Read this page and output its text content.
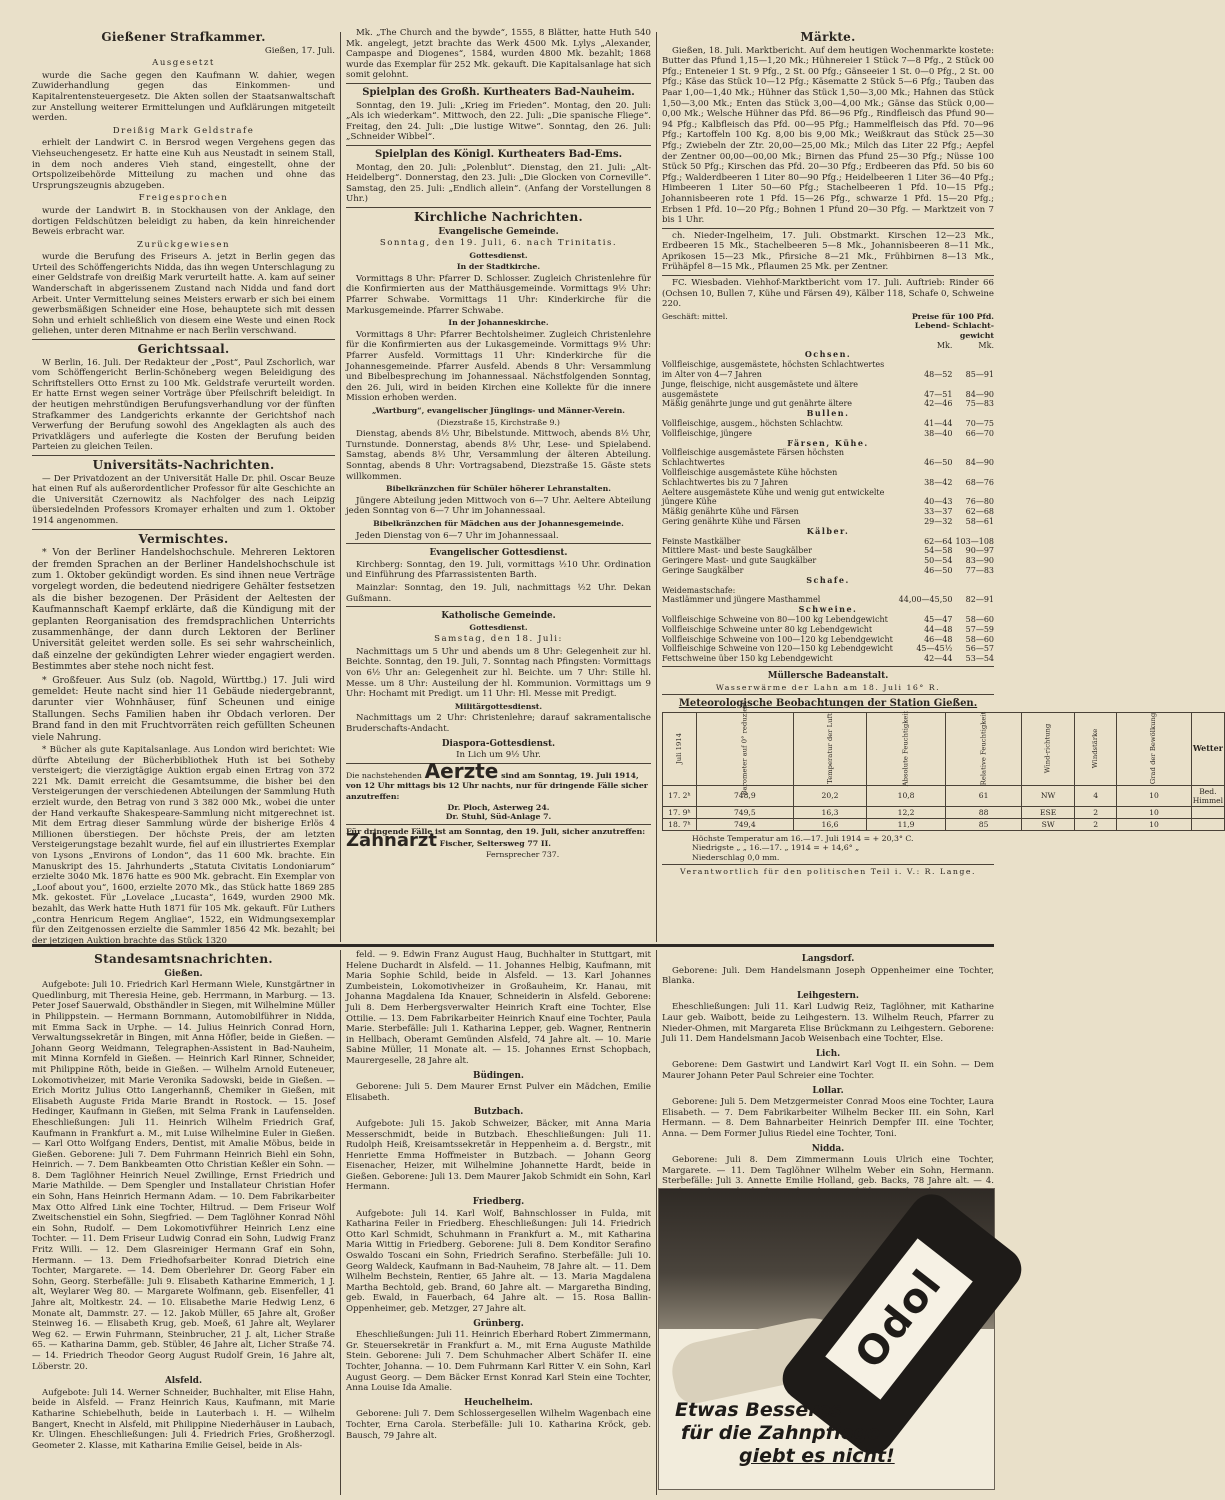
Gießener Strafkammer.

Gießen, 17. Juli.

Ausgesetzt

wurde die Sache gegen den Kaufmann W. dahier, wegen Zuwiderhandlung gegen das Einkommen- und Kapitalrentensteuergesetz. Die Akten sollen der Staatsanwaltschaft zur Anstellung weiterer Ermittelungen und Aufklärungen mitgeteilt werden.

Dreißig Mark Geldstrafe

erhielt der Landwirt C. in Bersrod wegen Vergehens gegen das Viehseuchengesetz. Er hatte eine Kuh aus Neustadt in seinem Stall, in dem noch anderes Vieh stand, eingestellt, ohne der Ortspolizeibehörde Mitteilung zu machen und ohne das Ursprungszeugnis abzugeben.

Freigesprochen

wurde der Landwirt B. in Stockhausen von der Anklage, den dortigen Feldschützen beleidigt zu haben, da kein hinreichender Beweis erbracht war.

Zurückgewiesen

wurde die Berufung des Friseurs A. jetzt in Berlin gegen das Urteil des Schöffengerichts Nidda, das ihn wegen Unterschlagung zu einer Geldstrafe von dreißig Mark verurteilt hatte. A. kam auf seiner Wanderschaft in abgerissenem Zustand nach Nidda und fand dort Arbeit. Unter Vermittelung seines Meisters erwarb er sich bei einem gewerbsmäßigen Schneider eine Hose, behauptete sich mit dessen Sohn und erhielt schließlich von diesem eine Weste und einen Rock geliehen, unter deren Mitnahme er nach Berlin verschwand.

Gerichtssaal.

W Berlin, 16. Juli. Der Redakteur der „Post“, Paul Zschorlich, war vom Schöffengericht Berlin-Schöneberg wegen Beleidigung des Schriftstellers Otto Ernst zu 100 Mk. Geldstrafe verurteilt worden. Er hatte Ernst wegen seiner Vorträge über Pfeilschrift beleidigt. In der heutigen mehrstündigen Berufungsverhandlung vor der fünften Strafkammer des Landgerichts erkannte der Gerichtshof nach Verwerfung der Berufung sowohl des Angeklagten als auch des Privatklägers und auferlegte die Kosten der Berufung beiden Parteien zu gleichen Teilen.

Universitäts-Nachrichten.

— Der Privatdozent an der Universität Halle Dr. phil. Oscar Beuze hat einen Ruf als außerordentlicher Professor für alte Geschichte an die Universität Czernowitz als Nachfolger des nach Leipzig übersiedelnden Professors Kromayer erhalten und zum 1. Oktober 1914 angenommen.

Vermischtes.

* Von der Berliner Handelshochschule. Mehreren Lektoren der fremden Sprachen an der Berliner Handelshochschule ist zum 1. Oktober gekündigt worden. Es sind ihnen neue Verträge vorgelegt worden, die bedeutend niedrigere Gehälter festsetzen als die bisher bezogenen. Der Präsident der Aeltesten der Kaufmannschaft Kaempf erklärte, daß die Kündigung mit der geplanten Reorganisation des fremdsprachlichen Unterrichts zusammenhänge, der dann durch Lektoren der Berliner Universität geleitet werden solle. Es sei sehr wahrscheinlich, daß einzelne der gekündigten Lehrer wieder engagiert werden. Bestimmtes aber stehe noch nicht fest.

* Großfeuer. Aus Sulz (ob. Nagold, Württbg.) 17. Juli wird gemeldet: Heute nacht sind hier 11 Gebäude niedergebrannt, darunter vier Wohnhäuser, fünf Scheunen und einige Stallungen. Sechs Familien haben ihr Obdach verloren. Der Brand fand in den mit Fruchtvorräten reich gefüllten Scheunen viele Nahrung.

* Bücher als gute Kapitalsanlage. Aus London wird berichtet: Wie dürfte Abteilung der Bücherbibliothek Huth ist bei Sotheby versteigert; die vierzigtägige Auktion ergab einen Ertrag von 372 221 Mk. Damit erreicht die Gesamtsumme, die bisher bei den Versteigerungen der verschiedenen Abteilungen der Sammlung Huth erzielt wurde, den Betrag von rund 3 382 000 Mk., wobei die unter der Hand verkaufte Shakespeare-Sammlung nicht mitgerechnet ist. Mit dem Ertrag dieser Sammlung würde der bisherige Erlös 4 Millionen überstiegen. Der höchste Preis, der am letzten Versteigerungstage bezahlt wurde, fiel auf ein illustriertes Exemplar von Lysons „Environs of London“, das 11 600 Mk. brachte. Ein Manuskript des 15. Jahrhunderts „Statuta Civitatis Londoniarum“ erzielte 3040 Mk. 1876 hatte es 900 Mk. gebracht. Ein Exemplar von „Loof about you“, 1600, erzielte 2070 Mk., das Stück hatte 1869 285 Mk. gekostet. Für „Lovelace „Lucasta“, 1649, wurden 2900 Mk. bezahlt, das Werk hatte Huth 1871 für 105 Mk. gekauft. Für Luthers „contra Henricum Regem Angliae“, 1522, ein Widmungsexemplar für den Zeitgenossen erzielte die Sammler 1856 42 Mk. bezahlt; bei der jetzigen Auktion brachte das Stück 1320

Mk. „The Church and the bywde“, 1555, 8 Blätter, hatte Huth 540 Mk. angelegt, jetzt brachte das Werk 4500 Mk. Lylys „Alexander, Campaspe and Diogenes“, 1584, wurden 4800 Mk. bezahlt; 1868 wurde das Exemplar für 252 Mk. gekauft. Die Kapitalsanlage hat sich somit gelohnt.

Spielplan des Großh. Kurtheaters Bad-Nauheim.

Sonntag, den 19. Juli: „Krieg im Frieden“. Montag, den 20. Juli: „Als ich wiederkam“. Mittwoch, den 22. Juli: „Die spanische Fliege“. Freitag, den 24. Juli: „Die lustige Witwe“. Sonntag, den 26. Juli: „Schneider Wibbel“.

Spielplan des Königl. Kurtheaters Bad-Ems.

Montag, den 20. Juli: „Polenblut“. Dienstag, den 21. Juli: „Alt-Heidelberg“. Donnerstag, den 23. Juli: „Die Glocken von Corneville“. Samstag, den 25. Juli: „Endlich allein“. (Anfang der Vorstellungen 8 Uhr.)

Kirchliche Nachrichten.
Evangelische Gemeinde.

Sonntag, den 19. Juli, 6. nach Trinitatis.

Gottesdienst.

In der Stadtkirche.

Vormittags 8 Uhr: Pfarrer D. Schlosser. Zugleich Christenlehre für die Konfirmierten aus der Matthäusgemeinde. Vormittags 9½ Uhr: Pfarrer Schwabe. Vormittags 11 Uhr: Kinderkirche für die Markusgemeinde. Pfarrer Schwabe.

In der Johanneskirche.

Vormittags 8 Uhr: Pfarrer Bechtolsheimer. Zugleich Christenlehre für die Konfirmierten aus der Lukasgemeinde. Vormittags 9½ Uhr: Pfarrer Ausfeld. Vormittags 11 Uhr: Kinderkirche für die Johannesgemeinde. Pfarrer Ausfeld. Abends 8 Uhr: Versammlung und Bibelbesprechung im Johannessaal. Nächstfolgenden Sonntag, den 26. Juli, wird in beiden Kirchen eine Kollekte für die innere Mission erhoben werden.

„Wartburg“, evangelischer Jünglings- und Männer-Verein.

(Diezstraße 15, Kirchstraße 9.)

Dienstag, abends 8½ Uhr, Bibelstunde. Mittwoch, abends 8½ Uhr, Turnstunde. Donnerstag, abends 8½ Uhr, Lese- und Spielabend. Samstag, abends 8½ Uhr, Versammlung der älteren Abteilung. Sonntag, abends 8 Uhr: Vortragsabend, Diezstraße 15. Gäste stets willkommen.

Bibelkränzchen für Schüler höherer Lehranstalten.

Jüngere Abteilung jeden Mittwoch von 6—7 Uhr. Aeltere Abteilung jeden Sonntag von 6—7 Uhr im Johannessaal.

Bibelkränzchen für Mädchen aus der Johannesgemeinde.

Jeden Dienstag von 6—7 Uhr im Johannessaal.

Evangelischer Gottesdienst.

Kirchberg: Sonntag, den 19. Juli, vormittags ½10 Uhr. Ordination und Einführung des Pfarrassistenten Barth.

Mainzlar: Sonntag, den 19. Juli, nachmittags ½2 Uhr. Dekan Gußmann.

Katholische Gemeinde.

Gottesdienst.

Samstag, den 18. Juli:

Nachmittags um 5 Uhr und abends um 8 Uhr: Gelegenheit zur hl. Beichte. Sonntag, den 19. Juli, 7. Sonntag nach Pfingsten: Vormittags von 6½ Uhr an: Gelegenheit zur hl. Beichte. um 7 Uhr: Stille hl. Messe. um 8 Uhr: Austeilung der hl. Kommunion. Vormittags um 9 Uhr: Hochamt mit Predigt. um 11 Uhr: Hl. Messe mit Predigt.

Militärgottesdienst.

Nachmittags um 2 Uhr: Christenlehre; darauf sakramentalische Bruderschafts-Andacht.

Diaspora-Gottesdienst.

In Lich um 9½ Uhr.

Die nachstehenden Aerzte sind am Sonntag, 19. Juli 1914, von 12 Uhr mittags bis 12 Uhr nachts, nur für dringende Fälle sicher anzutreffen:
Dr. Ploch, Asterweg 24.
Dr. Stuhl, Süd-Anlage 7.
Für dringende Fälle ist am Sonntag, den 19. Juli, sicher anzutreffen:
Zahnarzt Fischer, Seltersweg 77 II.
Fernsprecher 737.
Märkte.

Gießen, 18. Juli. Marktbericht. Auf dem heutigen Wochenmarkte kostete: Butter das Pfund 1,15—1,20 Mk.; Hühnereier 1 Stück 7—8 Pfg., 2 Stück 00 Pfg.; Enteneier 1 St. 9 Pfg., 2 St. 00 Pfg.; Gänseeier 1 St. 0—0 Pfg., 2 St. 00 Pfg.; Käse das Stück 10—12 Pfg.; Käsematte 2 Stück 5—6 Pfg.; Tauben das Paar 1,00—1,40 Mk.; Hühner das Stück 1,50—3,00 Mk.; Hahnen das Stück 1,50—3,00 Mk.; Enten das Stück 3,00—4,00 Mk.; Gänse das Stück 0,00—0,00 Mk.; Welsche Hühner das Pfd. 86—96 Pfg., Rindfleisch das Pfund 90—94 Pfg.; Kalbfleisch das Pfd. 00—95 Pfg.; Hammelfleisch das Pfd. 70—96 Pfg.; Kartoffeln 100 Kg. 8,00 bis 9,00 Mk.; Weißkraut das Stück 25—30 Pfg.; Zwiebeln der Ztr. 20,00—25,00 Mk.; Milch das Liter 22 Pfg.; Aepfel der Zentner 00,00—00,00 Mk.; Birnen das Pfund 25—30 Pfg.; Nüsse 100 Stück 50 Pfg.; Kirschen das Pfd. 20—30 Pfg.; Erdbeeren das Pfd. 50 bis 60 Pfg.; Walderdbeeren 1 Liter 80—90 Pfg.; Heidelbeeren 1 Liter 36—40 Pfg.; Himbeeren 1 Liter 50—60 Pfg.; Stachelbeeren 1 Pfd. 10—15 Pfg.; Johannisbeeren rote 1 Pfd. 15—26 Pfg., schwarze 1 Pfd. 15—20 Pfg.; Erbsen 1 Pfd. 10—20 Pfg.; Bohnen 1 Pfund 20—30 Pfg. — Marktzeit von 7 bis 1 Uhr.

ch. Nieder-Ingelheim, 17. Juli. Obstmarkt. Kirschen 12—23 Mk., Erdbeeren 15 Mk., Stachelbeeren 5—8 Mk., Johannisbeeren 8—11 Mk., Aprikosen 15—23 Mk., Pfirsiche 8—21 Mk., Frühbirnen 8—13 Mk., Frühäpfel 8—15 Mk., Pflaumen 25 Mk. per Zentner.

FC. Wiesbaden. Viehhof-Marktbericht vom 17. Juli. Auftrieb: Rinder 66 (Ochsen 10, Bullen 7, Kühe und Färsen 49), Kälber 118, Schafe 0, Schweine 220.

Geschäft: mittel.	Preise für 100 Pfd. Lebend- Schlacht- gewicht
	Mk.	Mk.
Ochsen.		
Vollfleischige, ausgemästete, höchsten Schlachtwertes im Alter von 4—7 Jahren	48—52	85—91
Junge, fleischige, nicht ausgemästete und ältere ausgemästete	47—51	84—90
Mäßig genährte junge und gut genährte ältere	42—46	75—83
Bullen.		
Vollfleischige, ausgem., höchsten Schlachtw.	41—44	70—75
Vollfleischige, jüngere	38—40	66—70
Färsen, Kühe.		
Vollfleischige ausgemästete Färsen höchsten Schlachtwertes	46—50	84—90
Vollfleischige ausgemästete Kühe höchsten Schlachtwertes bis zu 7 Jahren	38—42	68—76
Aeltere ausgemästete Kühe und wenig gut entwickelte jüngere Kühe	40—43	76—80
Mäßig genährte Kühe und Färsen	33—37	62—68
Gering genährte Kühe und Färsen	29—32	58—61
Kälber.		
Feinste Mastkälber	62—64	103—108
Mittlere Mast- und beste Saugkälber	54—58	90—97
Geringere Mast- und gute Saugkälber	50—54	83—90
Geringe Saugkälber	46—50	77—83
Schafe.		
Weidemastschafe:		
Mastlämmer und jüngere Masthammel	44,00—45,50	82—91
Schweine.		
Vollfleischige Schweine von 80—100 kg Lebendgewicht	45—47	58—60
Vollfleischige Schweine unter 80 kg Lebendgewicht	44—48	57—59
Vollfleischige Schweine von 100—120 kg Lebendgewicht	46—48	58—60
Vollfleischige Schweine von 120—150 kg Lebendgewicht	45—45½	56—57
Fettschweine über 150 kg Lebendgewicht	42—44	53—54
Müllersche Badeanstalt.

Wasserwärme der Lahn am 18. Juli 16° R.

Meteorologische Beobachtungen der Station Gießen.
Juli 1914	Barometer auf 0° reduziert	Temperatur der Luft	Absolute Feuchtigkeit	Relative Feuchtigkeit	Wind-richtung	Windstärke	Grad der Bewölkung	Wetter
17. 2ʰ	748,9	20,2	10,8	61	NW	4	10	Bed. Himmel
17. 9ʰ	749,5	16,3	12,2	88	ESE	2	10	
18. 7ʰ	749,4	16,6	11,9	85	SW	2	10	
Höchste Temperatur am 16.—17. Juli 1914 = + 20,3° C.
Niedrigste „ „ 16.—17. „ 1914 = + 14,6° „
Niederschlag 0,0 mm.

Verantwortlich für den politischen Teil i. V.: R. Lange.

Standesamtsnachrichten.
Gießen.

Aufgebote: Juli 10. Friedrich Karl Hermann Wiele, Kunstgärtner in Quedlinburg, mit Theresia Heine, geb. Herrmann, in Marburg. — 13. Peter Josef Sauerwald, Obsthändler in Siegen, mit Wilhelmine Müller in Philippstein. — Hermann Bornmann, Automobilführer in Nidda, mit Emma Sack in Urphe. — 14. Julius Heinrich Conrad Horn, Verwaltungssekretär in Bingen, mit Anna Höfler, beide in Gießen. — Johann Georg Weidmann, Telegraphen-Assistent in Bad-Nauheim, mit Minna Kornfeld in Gießen. — Heinrich Karl Rinner, Schneider, mit Philippine Röth, beide in Gießen. — Wilhelm Arnold Euteneuer, Lokomotivheizer, mit Marie Veronika Sadowski, beide in Gießen. — Erich Moritz Julius Otto Langerhannß, Chemiker in Gießen, mit Elisabeth Auguste Frida Marie Brandt in Rostock. — 15. Josef Hedinger, Kaufmann in Gießen, mit Selma Frank in Laufenselden. Eheschließungen: Juli 11. Heinrich Wilhelm Friedrich Graf, Kaufmann in Frankfurt a. M., mit Luise Wilhelmine Euler in Gießen. — Karl Otto Wolfgang Enders, Dentist, mit Amalie Möbus, beide in Gießen. Geborene: Juli 7. Dem Fuhrmann Heinrich Biehl ein Sohn, Heinrich. — 7. Dem Bankbeamten Otto Christian Keßler ein Sohn. — 8. Dem Taglöhner Heinrich Neuel Zwillinge, Ernst Friedrich und Marie Mathilde. — Dem Spengler und Installateur Christian Hofer ein Sohn, Hans Heinrich Hermann Adam. — 10. Dem Fabrikarbeiter Max Otto Alfred Link eine Tochter, Hiltrud. — Dem Friseur Wolf Zweitschenstiel ein Sohn, Siegfried. — Dem Taglöhner Konrad Nöhl ein Sohn, Rudolf. — Dem Lokomotivführer Heinrich Lenz eine Tochter. — 11. Dem Friseur Ludwig Conrad ein Sohn, Ludwig Franz Fritz Willi. — 12. Dem Glasreiniger Hermann Graf ein Sohn, Hermann. — 13. Dem Friedhofsarbeiter Konrad Dietrich eine Tochter, Margarete. — 14. Dem Oberlehrer Dr. Georg Faber ein Sohn, Georg. Sterbefälle: Juli 9. Elisabeth Katharine Emmerich, 1 J. alt, Weylarer Weg 80. — Margarete Wolfmann, geb. Eisenfeller, 41 Jahre alt, Moltkestr. 24. — 10. Elisabethe Marie Hedwig Lenz, 6 Monate alt, Dammstr. 27. — 12. Jakob Müller, 65 Jahre alt, Großer Steinweg 16. — Elisabeth Krug, geb. Moeß, 61 Jahre alt, Weylarer Weg 62. — Erwin Fuhrmann, Steinbrucher, 21 J. alt, Licher Straße 65. — Katharina Damm, geb. Stübler, 46 Jahre alt, Licher Straße 74. — 14. Friedrich Theodor Georg August Rudolf Grein, 16 Jahre alt, Löberstr. 20.

Alsfeld.

Aufgebote: Juli 14. Werner Schneider, Buchhalter, mit Elise Hahn, beide in Alsfeld. — Franz Heinrich Kaus, Kaufmann, mit Marie Katharine Schiebelhuth, beide in Lauterbach i. H. — Wilhelm Bangert, Knecht in Alsfeld, mit Philippine Niederhäuser in Laubach, Kr. Ulingen. Eheschließungen: Juli 4. Friedrich Fries, Großherzogl. Geometer 2. Klasse, mit Katharina Emilie Geisel, beide in Als-

feld. — 9. Edwin Franz August Haug, Buchhalter in Stuttgart, mit Helene Duchardt in Alsfeld. — 11. Johannes Helbig, Kaufmann, mit Maria Sophie Schild, beide in Alsfeld. — 13. Karl Johannes Zumbeistein, Lokomotivheizer in Großauheim, Kr. Hanau, mit Johanna Magdalena Ida Knauer, Schneiderin in Alsfeld. Geborene: Juli 8. Dem Herbergsverwalter Heinrich Kraft eine Tochter, Else Ottilie. — 13. Dem Fabrikarbeiter Heinrich Knauf eine Tochter, Paula Marie. Sterbefälle: Juli 1. Katharina Lepper, geb. Wagner, Rentnerin in Hellbach, Oberamt Gemünden Alsfeld, 74 Jahre alt. — 10. Marie Sabine Müller, 11 Monate alt. — 15. Johannes Ernst Schopbach, Maurergeselle, 28 Jahre alt.

Büdingen.

Geborene: Juli 5. Dem Maurer Ernst Pulver ein Mädchen, Emilie Elisabeth.

Butzbach.

Aufgebote: Juli 15. Jakob Schweizer, Bäcker, mit Anna Maria Messerschmidt, beide in Butzbach. Eheschließungen: Juli 11. Rudolph Heiß, Kreisamtssekretär in Heppenheim a. d. Bergstr., mit Henriette Emma Hoffmeister in Butzbach. — Johann Georg Eisenacher, Heizer, mit Wilhelmine Johannette Hardt, beide in Gießen. Geborene: Juli 13. Dem Maurer Jakob Schmidt ein Sohn, Karl Hermann.

Friedberg.

Aufgebote: Juli 14. Karl Wolf, Bahnschlosser in Fulda, mit Katharina Feiler in Friedberg. Eheschließungen: Juli 14. Friedrich Otto Karl Schmidt, Schuhmann in Frankfurt a. M., mit Katharina Maria Wittig in Friedberg. Geborene: Juli 8. Dem Konditor Serafino Oswaldo Toscani ein Sohn, Friedrich Serafino. Sterbefälle: Juli 10. Georg Waldeck, Kaufmann in Bad-Nauheim, 78 Jahre alt. — 11. Dem Wilhelm Bechstein, Rentier, 65 Jahre alt. — 13. Maria Magdalena Martha Bechtold, geb. Brand, 60 Jahre alt. — Margaretha Binding, geb. Ewald, in Fauerbach, 64 Jahre alt. — 15. Rosa Ballin-Oppenheimer, geb. Metzger, 27 Jahre alt.

Grünberg.

Eheschließungen: Juli 11. Heinrich Eberhard Robert Zimmermann, Gr. Steuersekretär in Frankfurt a. M., mit Erna Auguste Mathilde Stein. Geborene: Juli 7. Dem Schuhmacher Albert Schäfer II. eine Tochter, Johanna. — 10. Dem Fuhrmann Karl Ritter V. ein Sohn, Karl August Georg. — Dem Bäcker Ernst Konrad Karl Stein eine Tochter, Anna Louise Ida Amalie.

Heuchelheim.

Geborene: Juli 7. Dem Schlossergesellen Wilhelm Wagenbach eine Tochter, Erna Carola. Sterbefälle: Juli 10. Katharina Kröck, geb. Bausch, 79 Jahre alt.

Langsdorf.

Geborene: Juli. Dem Handelsmann Joseph Oppenheimer eine Tochter, Blanka.

Leihgestern.

Eheschließungen: Juli 11. Karl Ludwig Reiz, Taglöhner, mit Katharine Laur geb. Waibott, beide zu Leihgestern. 13. Wilhelm Reuch, Pfarrer zu Nieder-Ohmen, mit Margareta Elise Brückmann zu Leihgestern. Geborene: Juli 11. Dem Handelsmann Jacob Weisenbach eine Tochter, Else.

Lich.

Geborene: Dem Gastwirt und Landwirt Karl Vogt II. ein Sohn. — Dem Maurer Johann Peter Paul Schreier eine Tochter.

Lollar.

Geborene: Juli 5. Dem Metzgermeister Conrad Moos eine Tochter, Laura Elisabeth. — 7. Dem Fabrikarbeiter Wilhelm Becker III. ein Sohn, Karl Hermann. — 8. Dem Bahnarbeiter Heinrich Dempfer III. eine Tochter, Anna. — Dem Former Julius Riedel eine Tochter, Toni.

Nidda.

Geborene: Juli 8. Dem Zimmermann Louis Ulrich eine Tochter, Margarete. — 11. Dem Taglöhner Wilhelm Weber ein Sohn, Hermann. Sterbefälle: Juli 3. Annette Emilie Holland, geb. Backs, 78 Jahre alt. — 4.

Odol
Etwas Besseres
für die Zahnpflege
giebt es nicht!
